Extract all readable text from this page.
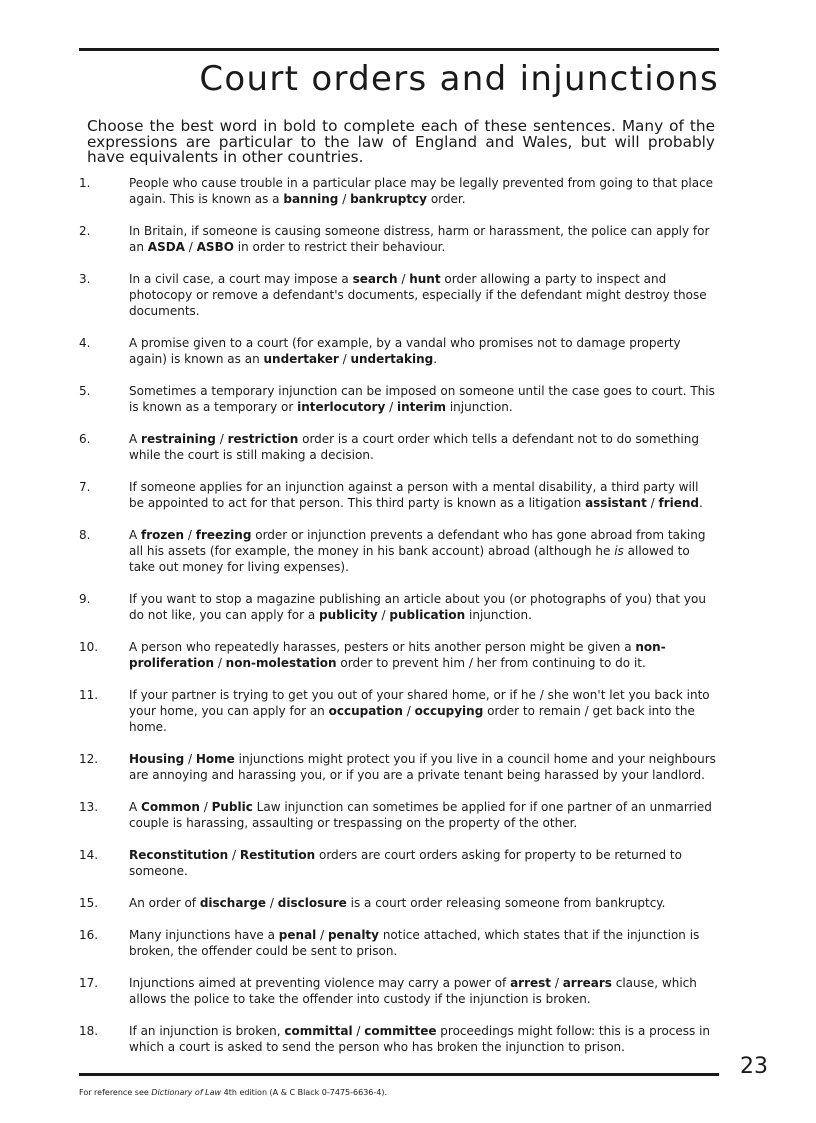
Court orders and injunctions

Choose the best word in bold to complete each of these sentences. Many of the expressions are particular to the law of England and Wales, but will probably have equivalents in other countries.

1.	People who cause trouble in a particular place may be legally prevented from going to that place again. This is known as a banning / bankruptcy order.
2.	In Britain, if someone is causing someone distress, harm or harassment, the police can apply for an ASDA / ASBO in order to restrict their behaviour.
3.	In a civil case, a court may impose a search / hunt order allowing a party to inspect and photocopy or remove a defendant's documents, especially if the defendant might destroy those documents.
4.	A promise given to a court (for example, by a vandal who promises not to damage property again) is known as an undertaker / undertaking.
5.	Sometimes a temporary injunction can be imposed on someone until the case goes to court. This is known as a temporary or interlocutory / interim injunction.
6.	A restraining / restriction order is a court order which tells a defendant not to do something while the court is still making a decision.
7.	If someone applies for an injunction against a person with a mental disability, a third party will be appointed to act for that person. This third party is known as a litigation assistant / friend.
8.	A frozen / freezing order or injunction prevents a defendant who has gone abroad from taking all his assets (for example, the money in his bank account) abroad (although he is allowed to take out money for living expenses).
9.	If you want to stop a magazine publishing an article about you (or photographs of you) that you do not like, you can apply for a publicity / publication injunction.
10.	A person who repeatedly harasses, pesters or hits another person might be given a non-proliferation / non-molestation order to prevent him / her from continuing to do it.
11.	If your partner is trying to get you out of your shared home, or if he / she won't let you back into your home, you can apply for an occupation / occupying order to remain / get back into the home.
12.	Housing / Home injunctions might protect you if you live in a council home and your neighbours are annoying and harassing you, or if you are a private tenant being harassed by your landlord.
13.	A Common / Public Law injunction can sometimes be applied for if one partner of an unmarried couple is harassing, assaulting or trespassing on the property of the other.
14.	Reconstitution / Restitution orders are court orders asking for property to be returned to someone.
15.	An order of discharge / disclosure is a court order releasing someone from bankruptcy.
16.	Many injunctions have a penal / penalty notice attached, which states that if the injunction is broken, the offender could be sent to prison.
17.	Injunctions aimed at preventing violence may carry a power of arrest / arrears clause, which allows the police to take the offender into custody if the injunction is broken.
18.	If an injunction is broken, committal / committee proceedings might follow: this is a process in which a court is asked to send the person who has broken the injunction to prison.
23
For reference see Dictionary of Law 4th edition (A & C Black 0-7475-6636-4).
